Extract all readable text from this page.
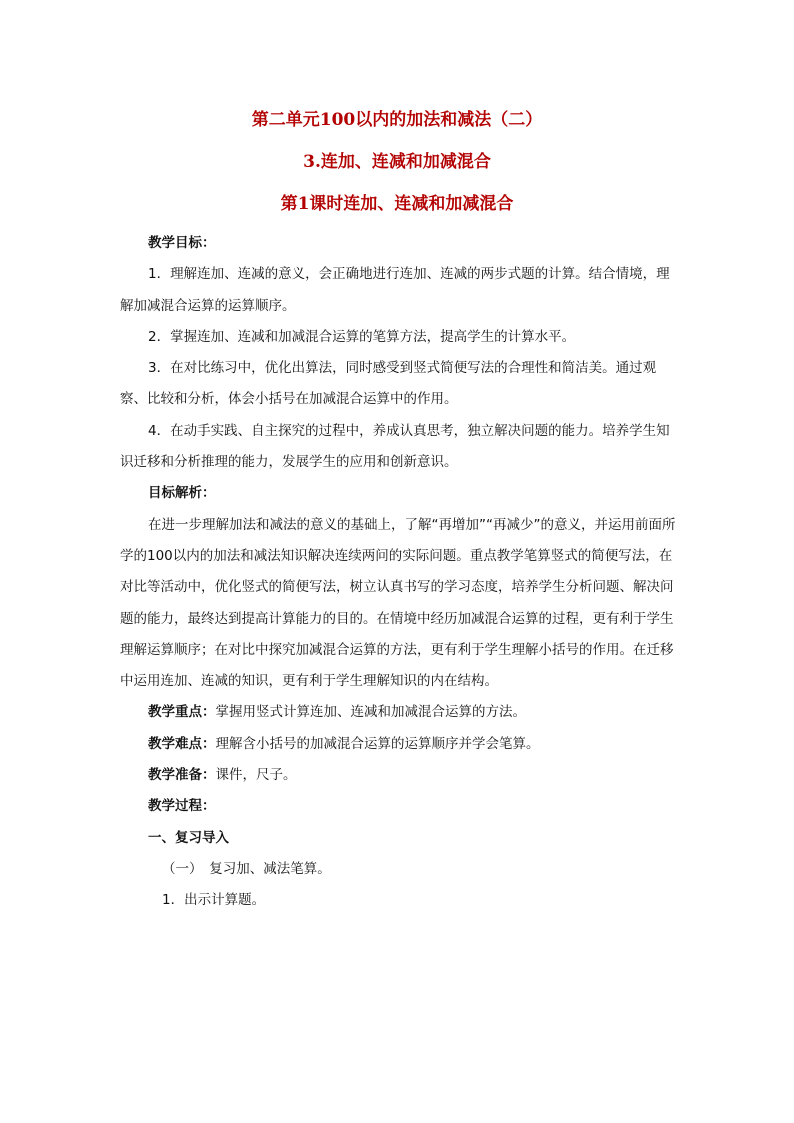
第二单元100以内的加法和减法（二）
3.连加、连减和加减混合
第1课时连加、连减和加减混合

教学目标：

1．理解连加、连减的意义，会正确地进行连加、连减的两步式题的计算。结合情境，理解加减混合运算的运算顺序。

2．掌握连加、连减和加减混合运算的笔算方法，提高学生的计算水平。

3．在对比练习中，优化出算法，同时感受到竖式简便写法的合理性和简洁美。通过观察、比较和分析，体会小括号在加减混合运算中的作用。

4．在动手实践、自主探究的过程中，养成认真思考，独立解决问题的能力。培养学生知识迁移和分析推理的能力，发展学生的应用和创新意识。

目标解析：

在进一步理解加法和减法的意义的基础上，了解“再增加”“再减少”的意义，并运用前面所学的100以内的加法和减法知识解决连续两问的实际问题。重点教学笔算竖式的简便写法，在对比等活动中，优化竖式的简便写法，树立认真书写的学习态度，培养学生分析问题、解决问题的能力，最终达到提高计算能力的目的。在情境中经历加减混合运算的过程，更有利于学生理解运算顺序；在对比中探究加减混合运算的方法，更有利于学生理解小括号的作用。在迁移中运用连加、连减的知识，更有利于学生理解知识的内在结构。

教学重点：掌握用竖式计算连加、连减和加减混合运算的方法。

教学难点：理解含小括号的加减混合运算的运算顺序并学会笔算。

教学准备：课件，尺子。

教学过程：

一、复习导入

（一）　复习加、减法笔算。

1．出示计算题。
